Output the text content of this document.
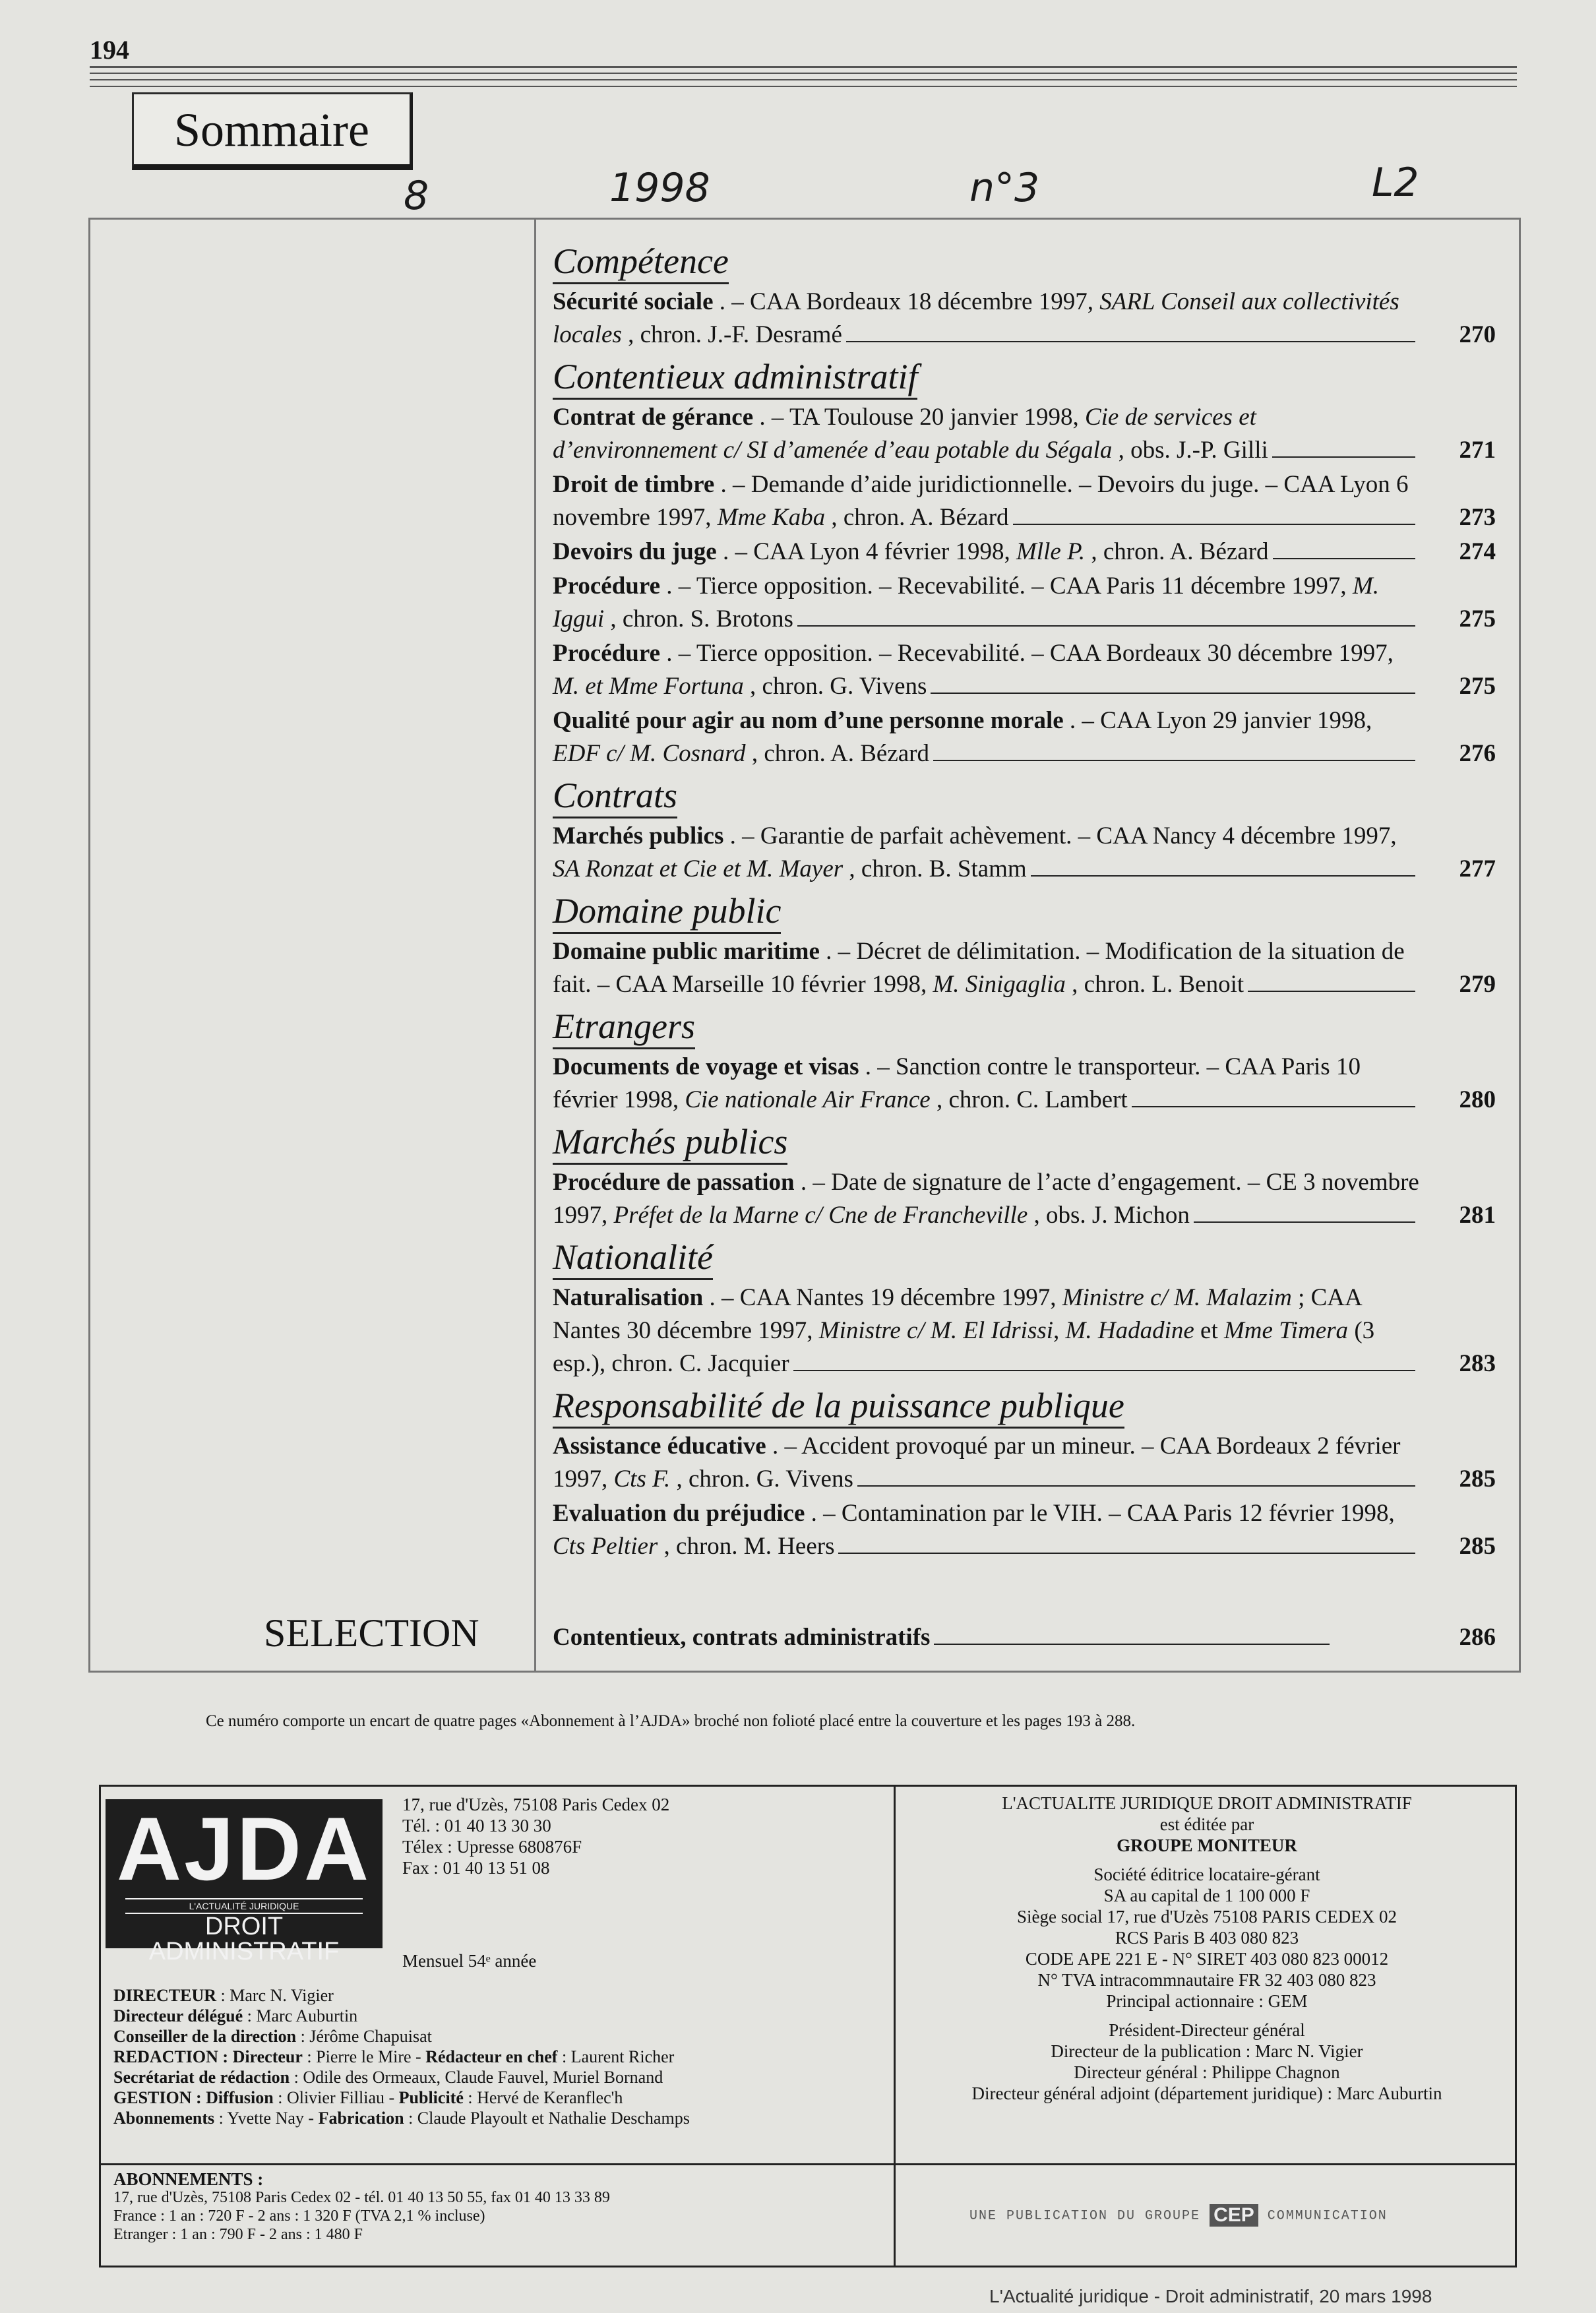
194
Sommaire
8	1998	n°3	L2
Compétence
Sécurité sociale . – CAA Bordeaux 18 décembre 1997, SARL Conseil aux collectivités locales , chron. J.-F. Desramé	270
Contentieux administratif
Contrat de gérance . – TA Toulouse 20 janvier 1998, Cie de services et d’environnement c/ SI d’amenée d’eau potable du Ségala , obs. J.-P. Gilli	271
Droit de timbre . – Demande d’aide juridictionnelle. – Devoirs du juge. – CAA Lyon 6 novembre 1997, Mme Kaba , chron. A. Bézard	273
Devoirs du juge . – CAA Lyon 4 février 1998, Mlle P. , chron. A. Bézard	274
Procédure . – Tierce opposition. – Recevabilité. – CAA Paris 11 décembre 1997, M. Iggui , chron. S. Brotons	275
Procédure . – Tierce opposition. – Recevabilité. – CAA Bordeaux 30 décembre 1997, M. et Mme Fortuna , chron. G. Vivens	275
Qualité pour agir au nom d’une personne morale . – CAA Lyon 29 janvier 1998, EDF c/ M. Cosnard , chron. A. Bézard	276
Contrats
Marchés publics . – Garantie de parfait achèvement. – CAA Nancy 4 décembre 1997, SA Ronzat et Cie et M. Mayer , chron. B. Stamm	277
Domaine public
Domaine public maritime . – Décret de délimitation. – Modification de la situation de fait. – CAA Marseille 10 février 1998, M. Sinigaglia , chron. L. Benoit	279
Etrangers
Documents de voyage et visas . – Sanction contre le transporteur. – CAA Paris 10 février 1998, Cie nationale Air France , chron. C. Lambert	280
Marchés publics
Procédure de passation . – Date de signature de l’acte d’engagement. – CE 3 novembre 1997, Préfet de la Marne c/ Cne de Francheville , obs. J. Michon	281
Nationalité
Naturalisation . – CAA Nantes 19 décembre 1997, Ministre c/ M. Malazim ; CAA Nantes 30 décembre 1997, Ministre c/ M. El Idrissi, M. Hadadine et Mme Timera (3 esp.), chron. C. Jacquier	283
Responsabilité de la puissance publique
Assistance éducative . – Accident provoqué par un mineur. – CAA Bordeaux 2 février 1997, Cts F. , chron. G. Vivens	285
Evaluation du préjudice . – Contamination par le VIH. – CAA Paris 12 février 1998, Cts Peltier , chron. M. Heers	285
SELECTION	Contentieux, contrats administratifs	286
Ce numéro comporte un encart de quatre pages «Abonnement à l’AJDA» broché non folioté placé entre la couverture et les pages 193 à 288.
AJDA
L'ACTUALITÉ JURIDIQUE
DROIT
ADMINISTRATIF
17, rue d'Uzès, 75108 Paris Cedex 02
Tél. : 01 40 13 30 30
Télex : Upresse 680876F
Fax : 01 40 13 51 08
Mensuel 54ᵉ année
DIRECTEUR : Marc N. Vigier
Directeur délégué : Marc Auburtin
Conseiller de la direction : Jérôme Chapuisat
REDACTION : Directeur : Pierre le Mire - Rédacteur en chef : Laurent Richer
Secrétariat de rédaction : Odile des Ormeaux, Claude Fauvel, Muriel Bornand
GESTION : Diffusion : Olivier Filliau - Publicité : Hervé de Keranflec'h
Abonnements : Yvette Nay - Fabrication : Claude Playoult et Nathalie Deschamps
L'ACTUALITE JURIDIQUE DROIT ADMINISTRATIF
est éditée par
GROUPE MONITEUR
Société éditrice locataire-gérant
SA au capital de 1 100 000 F
Siège social 17, rue d'Uzès 75108 PARIS CEDEX 02
RCS Paris B 403 080 823
CODE APE 221 E - N° SIRET 403 080 823 00012
N° TVA intracommnautaire FR 32 403 080 823
Principal actionnaire : GEM
Président-Directeur général
Directeur de la publication : Marc N. Vigier
Directeur général : Philippe Chagnon
Directeur général adjoint (département juridique) : Marc Auburtin
ABONNEMENTS :
17, rue d'Uzès, 75108 Paris Cedex 02 - tél. 01 40 13 50 55, fax 01 40 13 33 89
France : 1 an : 720 F - 2 ans : 1 320 F (TVA 2,1 % incluse)
Etranger : 1 an : 790 F - 2 ans : 1 480 F
UNE PUBLICATION DU GROUPE CEP COMMUNICATION
L'Actualité juridique - Droit administratif, 20 mars 1998
